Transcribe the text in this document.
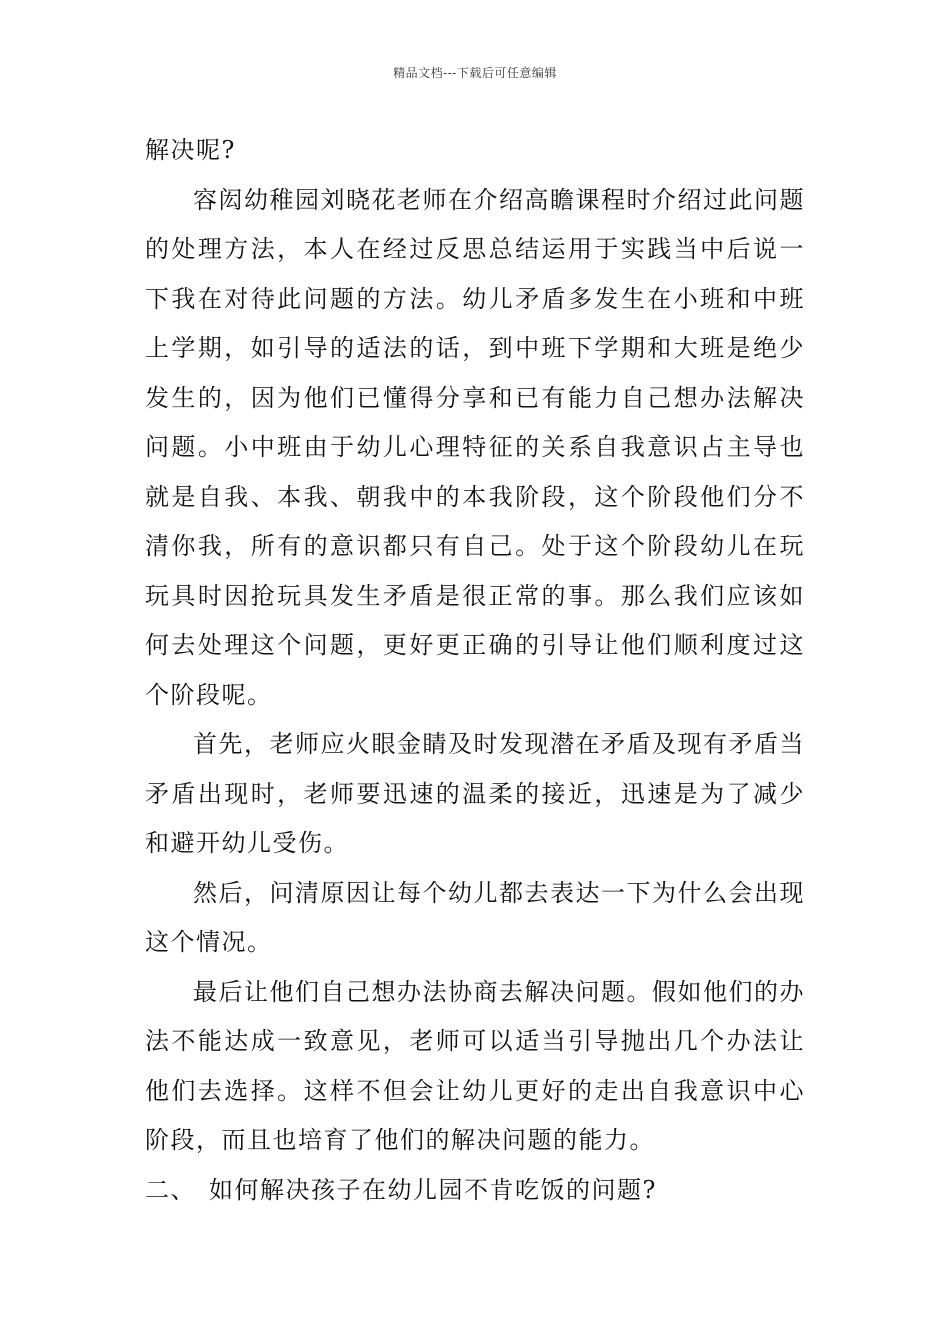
精品文档---下载后可任意编辑

解决呢?

容闳幼稚园刘晓花老师在介绍高瞻课程时介绍过此问题的处理方法，本人在经过反思总结运用于实践当中后说一下我在对待此问题的方法。幼儿矛盾多发生在小班和中班上学期，如引导的适法的话，到中班下学期和大班是绝少发生的，因为他们已懂得分享和已有能力自己想办法解决问题。小中班由于幼儿心理特征的关系自我意识占主导也就是自我、本我、朝我中的本我阶段，这个阶段他们分不清你我，所有的意识都只有自己。处于这个阶段幼儿在玩玩具时因抢玩具发生矛盾是很正常的事。那么我们应该如何去处理这个问题，更好更正确的引导让他们顺利度过这个阶段呢。

首先，老师应火眼金睛及时发现潜在矛盾及现有矛盾当矛盾出现时，老师要迅速的温柔的接近，迅速是为了减少和避开幼儿受伤。

然后，问清原因让每个幼儿都去表达一下为什么会出现这个情况。

最后让他们自己想办法协商去解决问题。假如他们的办法不能达成一致意见，老师可以适当引导抛出几个办法让他们去选择。这样不但会让幼儿更好的走出自我意识中心阶段，而且也培育了他们的解决问题的能力。

二、 如何解决孩子在幼儿园不肯吃饭的问题?
